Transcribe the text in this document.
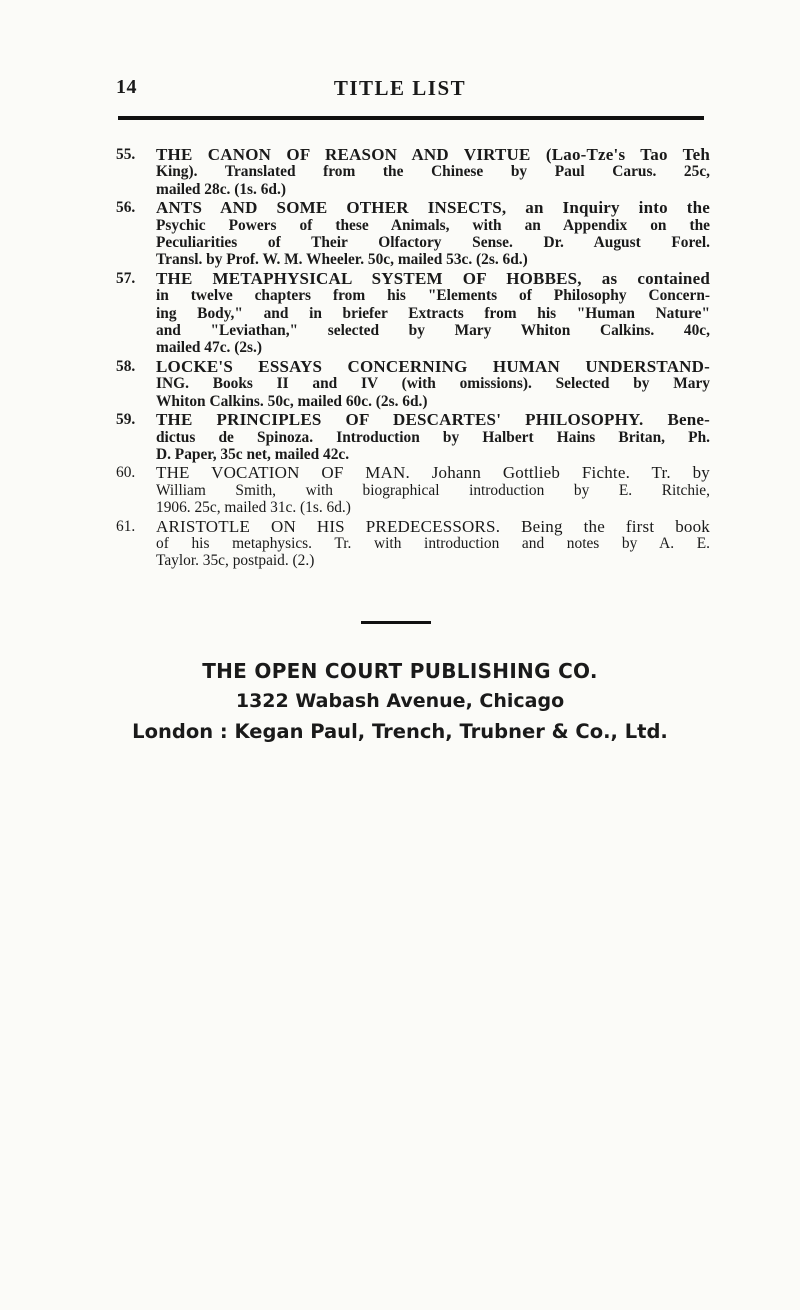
14	TITLE LIST
55. THE CANON OF REASON AND VIRTUE (Lao-Tze's Tao Teh
King). Translated from the Chinese by Paul Carus. 25c,
mailed 28c. (1s. 6d.)
56. ANTS AND SOME OTHER INSECTS, an Inquiry into the
Psychic Powers of these Animals, with an Appendix on the
Peculiarities of Their Olfactory Sense. Dr. August Forel.
Transl. by Prof. W. M. Wheeler. 50c, mailed 53c. (2s. 6d.)
57. THE METAPHYSICAL SYSTEM OF HOBBES, as contained
in twelve chapters from his "Elements of Philosophy Concern-
ing Body," and in briefer Extracts from his "Human Nature"
and "Leviathan," selected by Mary Whiton Calkins. 40c,
mailed 47c. (2s.)
58. LOCKE'S ESSAYS CONCERNING HUMAN UNDERSTAND-
ING. Books II and IV (with omissions). Selected by Mary
Whiton Calkins. 50c, mailed 60c. (2s. 6d.)
59. THE PRINCIPLES OF DESCARTES' PHILOSOPHY. Bene-
dictus de Spinoza. Introduction by Halbert Hains Britan, Ph.
D. Paper, 35c net, mailed 42c.
60. THE VOCATION OF MAN. Johann Gottlieb Fichte. Tr. by
William Smith, with biographical introduction by E. Ritchie,
1906. 25c, mailed 31c. (1s. 6d.)
61. ARISTOTLE ON HIS PREDECESSORS. Being the first book
of his metaphysics. Tr. with introduction and notes by A. E.
Taylor. 35c, postpaid. (2.)
THE OPEN COURT PUBLISHING CO.
1322 Wabash Avenue, Chicago
London : Kegan Paul, Trench, Trubner & Co., Ltd.
